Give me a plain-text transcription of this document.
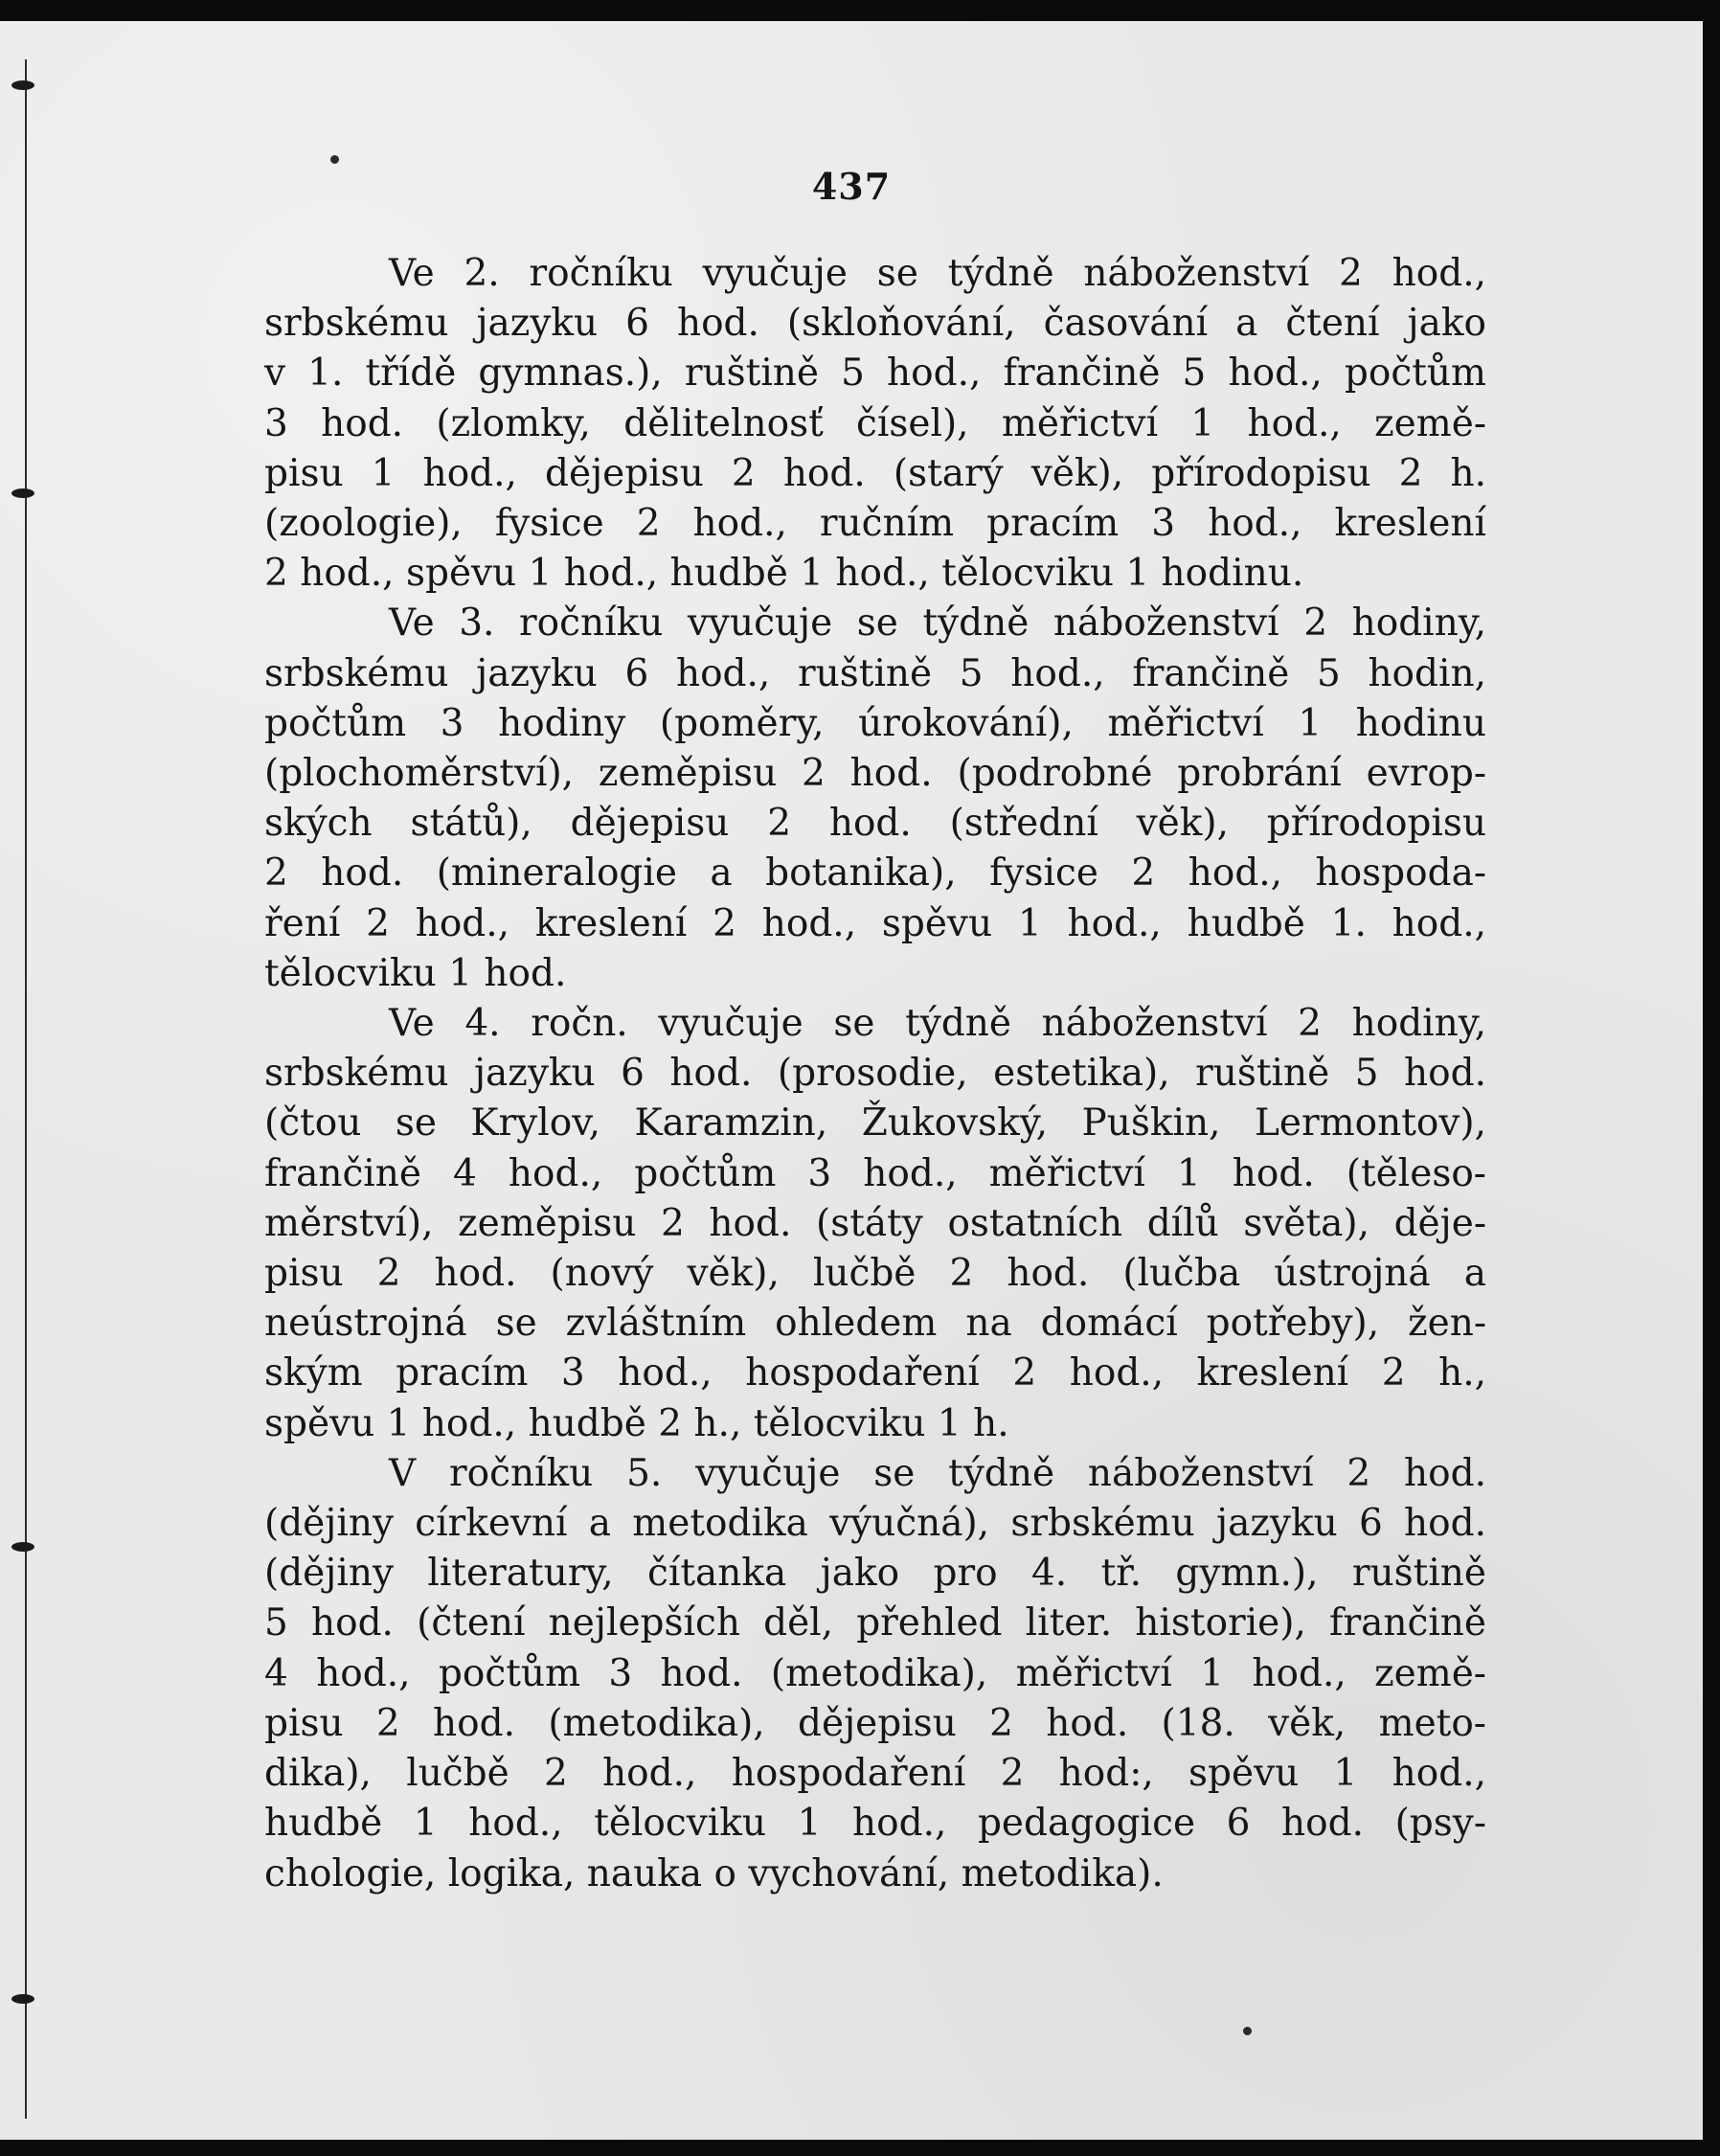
437
Ve 2. ročníku vyučuje se týdně náboženství 2 hod.,
srbskému jazyku 6 hod. (skloňování, časování a čtení jako
v 1. třídě gymnas.), ruštině 5 hod., frančině 5 hod., počtům
3 hod. (zlomky, dělitelnosť čísel), měřictví 1 hod., země-
pisu 1 hod., dějepisu 2 hod. (starý věk), přírodopisu 2 h.
(zoologie), fysice 2 hod., ručním pracím 3 hod., kreslení
2 hod., spěvu 1 hod., hudbě 1 hod., tělocviku 1 hodinu.
Ve 3. ročníku vyučuje se týdně náboženství 2 hodiny,
srbskému jazyku 6 hod., ruštině 5 hod., frančině 5 hodin,
počtům 3 hodiny (poměry, úrokování), měřictví 1 hodinu
(plochoměrství), zeměpisu 2 hod. (podrobné probrání evrop-
ských států), dějepisu 2 hod. (střední věk), přírodopisu
2 hod. (mineralogie a botanika), fysice 2 hod., hospoda-
ření 2 hod., kreslení 2 hod., spěvu 1 hod., hudbě 1. hod.,
tělocviku 1 hod.
Ve 4. ročn. vyučuje se týdně náboženství 2 hodiny,
srbskému jazyku 6 hod. (prosodie, estetika), ruštině 5 hod.
(čtou se Krylov, Karamzin, Žukovský, Puškin, Lermontov),
frančině 4 hod., počtům 3 hod., měřictví 1 hod. (těleso-
měrství), zeměpisu 2 hod. (státy ostatních dílů světa), děje-
pisu 2 hod. (nový věk), lučbě 2 hod. (lučba ústrojná a
neústrojná se zvláštním ohledem na domácí potřeby), žen-
ským pracím 3 hod., hospodaření 2 hod., kreslení 2 h.,
spěvu 1 hod., hudbě 2 h., tělocviku 1 h.
V ročníku 5. vyučuje se týdně náboženství 2 hod.
(dějiny církevní a metodika výučná), srbskému jazyku 6 hod.
(dějiny literatury, čítanka jako pro 4. tř. gymn.), ruštině
5 hod. (čtení nejlepších děl, přehled liter. historie), frančině
4 hod., počtům 3 hod. (metodika), měřictví 1 hod., země-
pisu 2 hod. (metodika), dějepisu 2 hod. (18. věk, meto-
dika), lučbě 2 hod., hospodaření 2 hod:, spěvu 1 hod.,
hudbě 1 hod., tělocviku 1 hod., pedagogice 6 hod. (psy-
chologie, logika, nauka o vychování, metodika).
